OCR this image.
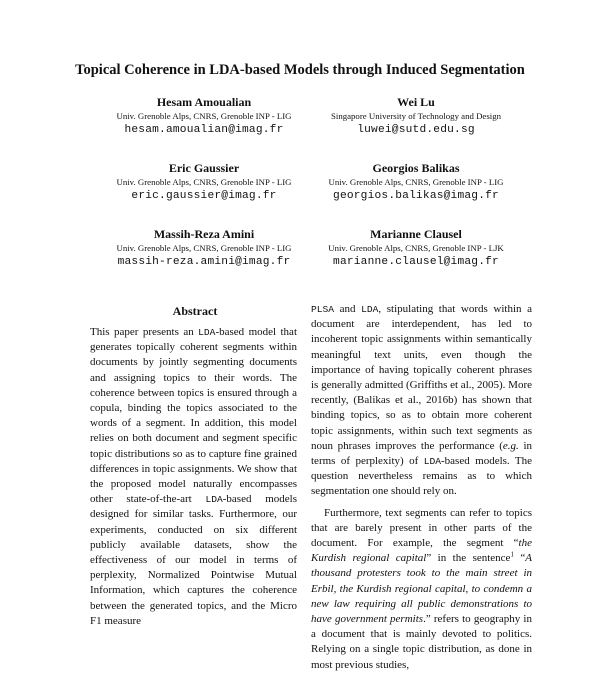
Topical Coherence in LDA-based Models through Induced Segmentation
Hesam Amoualian
Univ. Grenoble Alps, CNRS, Grenoble INP - LIG
hesam.amoualian@imag.fr
Wei Lu
Singapore University of Technology and Design
luwei@sutd.edu.sg
Eric Gaussier
Univ. Grenoble Alps, CNRS, Grenoble INP - LIG
eric.gaussier@imag.fr
Georgios Balikas
Univ. Grenoble Alps, CNRS, Grenoble INP - LIG
georgios.balikas@imag.fr
Massih-Reza Amini
Univ. Grenoble Alps, CNRS, Grenoble INP - LIG
massih-reza.amini@imag.fr
Marianne Clausel
Univ. Grenoble Alps, CNRS, Grenoble INP - LJK
marianne.clausel@imag.fr
Abstract

This paper presents an LDA-based model that generates topically coherent segments within documents by jointly segmenting documents and assigning topics to their words. The coherence between topics is ensured through a copula, binding the topics associated to the words of a segment. In addition, this model relies on both document and segment specific topic distributions so as to capture fine grained differences in topic assignments. We show that the proposed model naturally encompasses other state-of-the-art LDA-based models designed for similar tasks. Furthermore, our experiments, conducted on six different publicly available datasets, show the effectiveness of our model in terms of perplexity, Normalized Pointwise Mutual Information, which captures the coherence between the generated topics, and the Micro F1 measure

PLSA and LDA, stipulating that words within a document are interdependent, has led to incoherent topic assignments within semantically meaningful text units, even though the importance of having topically coherent phrases is generally admitted (Griffiths et al., 2005). More recently, (Balikas et al., 2016b) has shown that binding topics, so as to obtain more coherent topic assignments, within such text segments as noun phrases improves the performance (e.g. in terms of perplexity) of LDA-based models. The question nevertheless remains as to which segmentation one should rely on.

Furthermore, text segments can refer to topics that are barely present in other parts of the document. For example, the segment “the Kurdish regional capital” in the sentence$^1$ “A thousand protesters took to the main street in Erbil, the Kurdish regional capital, to condemn a new law requiring all public demonstrations to have government permits.” refers to geography in a document that is mainly devoted to politics. Relying on a single topic distribution, as done in most previous studies,
